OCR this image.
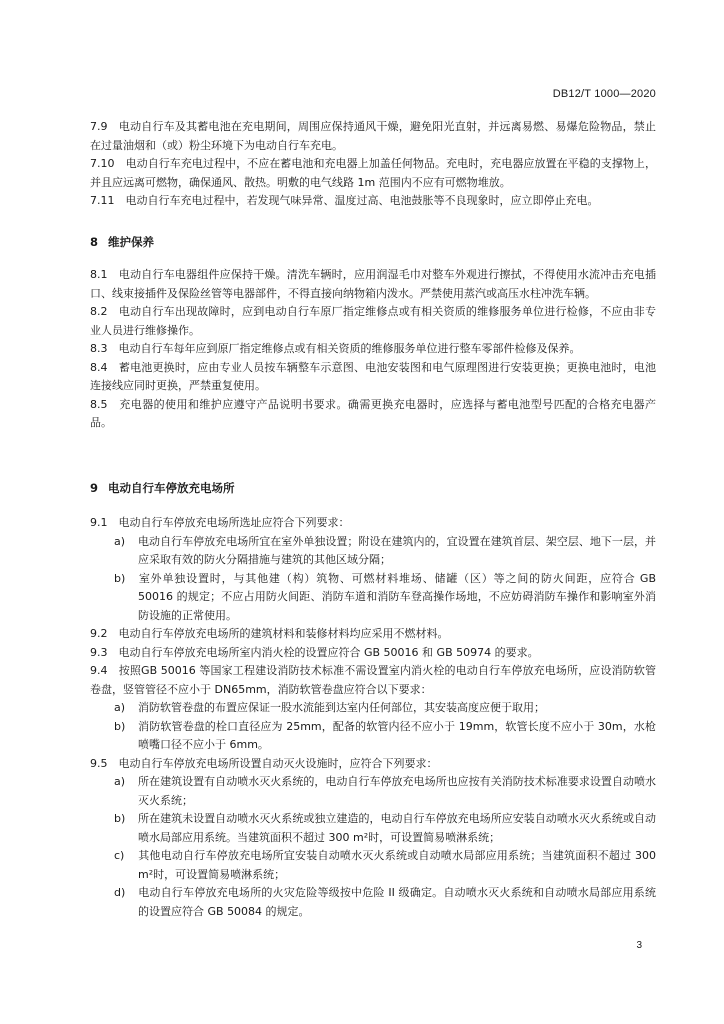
DB12/T 1000—2020

7.9　电动自行车及其蓄电池在充电期间，周围应保持通风干燥，避免阳光直射，并远离易燃、易爆危险物品，禁止在过量油烟和（或）粉尘环境下为电动自行车充电。

7.10　电动自行车充电过程中，不应在蓄电池和充电器上加盖任何物品。充电时，充电器应放置在平稳的支撑物上，并且应远离可燃物，确保通风、散热。明敷的电气线路 1m 范围内不应有可燃物堆放。

7.11　电动自行车充电过程中，若发现气味异常、温度过高、电池鼓胀等不良现象时，应立即停止充电。

8 维护保养

8.1　电动自行车电器组件应保持干燥。清洗车辆时，应用润湿毛巾对整车外观进行擦拭，不得使用水流冲击充电插口、线束接插件及保险丝管等电器部件，不得直接向纳物箱内泼水。严禁使用蒸汽或高压水柱冲洗车辆。

8.2　电动自行车出现故障时，应到电动自行车原厂指定维修点或有相关资质的维修服务单位进行检修，不应由非专业人员进行维修操作。

8.3　电动自行车每年应到原厂指定维修点或有相关资质的维修服务单位进行整车零部件检修及保养。

8.4　蓄电池更换时，应由专业人员按车辆整车示意图、电池安装图和电气原理图进行安装更换；更换电池时，电池连接线应同时更换，严禁重复使用。

8.5　充电器的使用和维护应遵守产品说明书要求。确需更换充电器时，应选择与蓄电池型号匹配的合格充电器产品。

9 电动自行车停放充电场所

9.1　电动自行车停放充电场所选址应符合下列要求：

a) 电动自行车停放充电场所宜在室外单独设置；附设在建筑内的，宜设置在建筑首层、架空层、地下一层，并应采取有效的防火分隔措施与建筑的其他区域分隔；

b) 室外单独设置时，与其他建（构）筑物、可燃材料堆场、储罐（区）等之间的防火间距，应符合 GB 50016 的规定；不应占用防火间距、消防车道和消防车登高操作场地，不应妨碍消防车操作和影响室外消防设施的正常使用。

9.2　电动自行车停放充电场所的建筑材料和装修材料均应采用不燃材料。

9.3　电动自行车停放充电场所室内消火栓的设置应符合 GB 50016 和 GB 50974 的要求。

9.4　按照GB 50016 等国家工程建设消防技术标准不需设置室内消火栓的电动自行车停放充电场所，应设消防软管卷盘，竖管管径不应小于 DN65mm，消防软管卷盘应符合以下要求：

a) 消防软管卷盘的布置应保证一股水流能到达室内任何部位，其安装高度应便于取用；

b) 消防软管卷盘的栓口直径应为 25mm，配备的软管内径不应小于 19mm，软管长度不应小于 30m，水枪喷嘴口径不应小于 6mm。

9.5　电动自行车停放充电场所设置自动灭火设施时，应符合下列要求：

a) 所在建筑设置有自动喷水灭火系统的，电动自行车停放充电场所也应按有关消防技术标准要求设置自动喷水灭火系统；

b) 所在建筑未设置自动喷水灭火系统或独立建造的，电动自行车停放充电场所应安装自动喷水灭火系统或自动喷水局部应用系统。当建筑面积不超过 300 m²时，可设置简易喷淋系统；

c) 其他电动自行车停放充电场所宜安装自动喷水灭火系统或自动喷水局部应用系统；当建筑面积不超过 300 m²时，可设置简易喷淋系统；

d) 电动自行车停放充电场所的火灾危险等级按中危险 II 级确定。自动喷水灭火系统和自动喷水局部应用系统的设置应符合 GB 50084 的规定。

3
